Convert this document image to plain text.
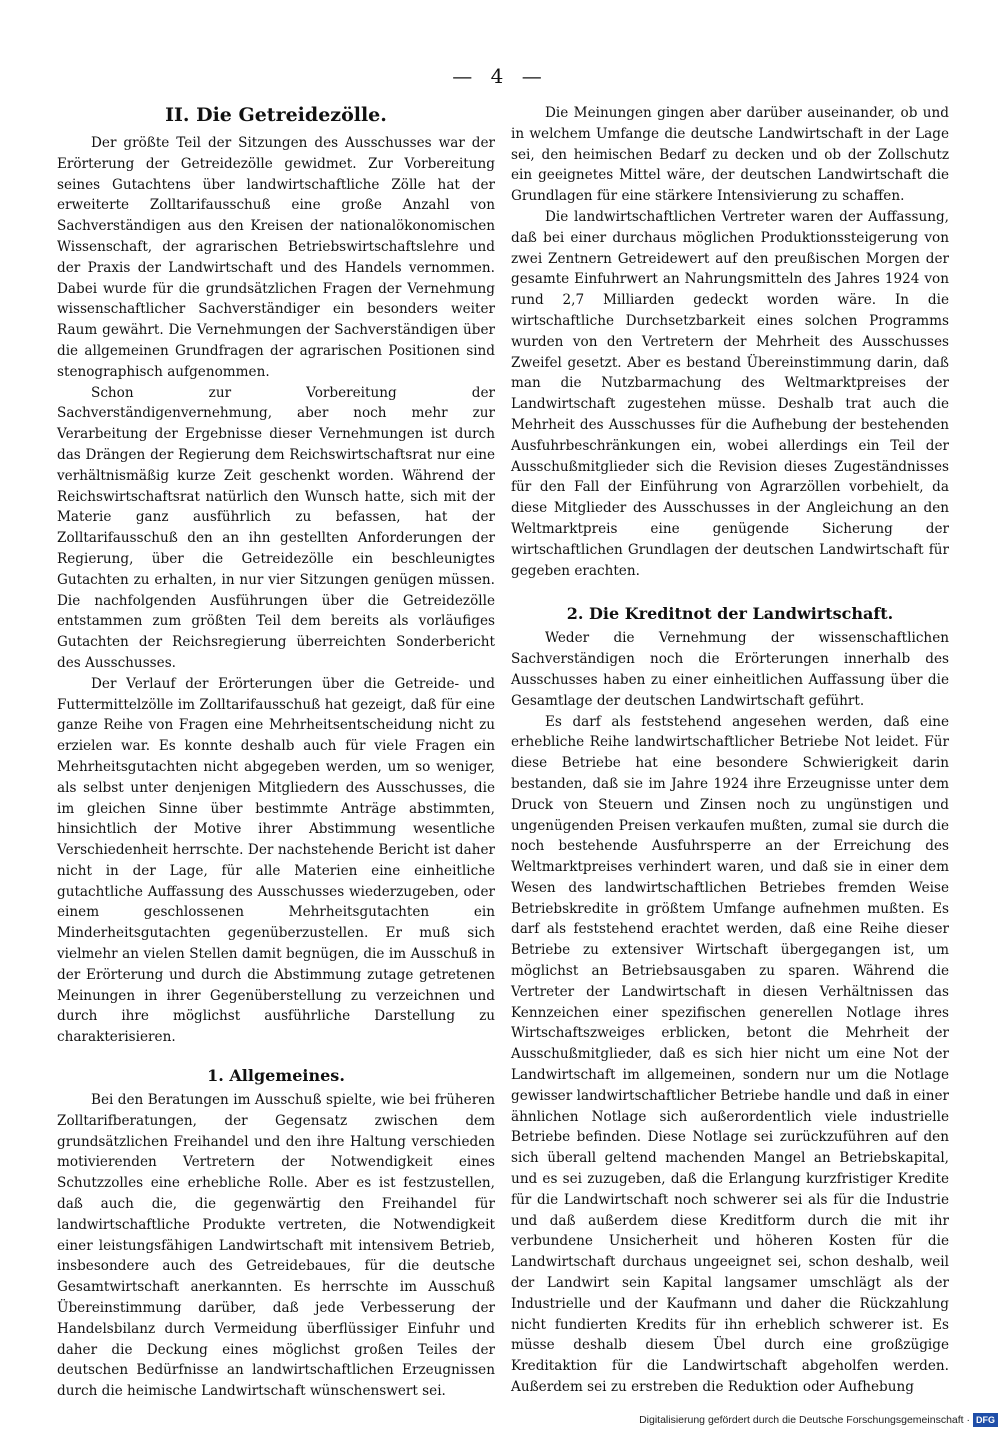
— 4 —
II. Die Getreidezölle.

Der größte Teil der Sitzungen des Ausschusses war der Erörterung der Getreidezölle gewidmet. Zur Vorbereitung seines Gutachtens über landwirtschaftliche Zölle hat der erweiterte Zolltarifausschuß eine große Anzahl von Sachverständigen aus den Kreisen der nationalökonomischen Wissenschaft, der agrarischen Betriebswirtschaftslehre und der Praxis der Landwirtschaft und des Handels vernommen. Dabei wurde für die grundsätzlichen Fragen der Vernehmung wissenschaftlicher Sachverständiger ein besonders weiter Raum gewährt. Die Vernehmungen der Sachverständigen über die allgemeinen Grundfragen der agrarischen Positionen sind stenographisch aufgenommen.

Schon zur Vorbereitung der Sachverständigenvernehmung, aber noch mehr zur Verarbeitung der Ergebnisse dieser Vernehmungen ist durch das Drängen der Regierung dem Reichswirtschaftsrat nur eine verhältnismäßig kurze Zeit geschenkt worden. Während der Reichswirtschaftsrat natürlich den Wunsch hatte, sich mit der Materie ganz ausführlich zu befassen, hat der Zolltarifausschuß den an ihn gestellten Anforderungen der Regierung, über die Getreidezölle ein beschleunigtes Gutachten zu erhalten, in nur vier Sitzungen genügen müssen. Die nachfolgenden Ausführungen über die Getreidezölle entstammen zum größten Teil dem bereits als vorläufiges Gutachten der Reichsregierung überreichten Sonderbericht des Ausschusses.

Der Verlauf der Erörterungen über die Getreide- und Futtermittelzölle im Zolltarifausschuß hat gezeigt, daß für eine ganze Reihe von Fragen eine Mehrheitsentscheidung nicht zu erzielen war. Es konnte deshalb auch für viele Fragen ein Mehrheitsgutachten nicht abgegeben werden, um so weniger, als selbst unter denjenigen Mitgliedern des Ausschusses, die im gleichen Sinne über bestimmte Anträge abstimmten, hinsichtlich der Motive ihrer Abstimmung wesentliche Verschiedenheit herrschte. Der nachstehende Bericht ist daher nicht in der Lage, für alle Materien eine einheitliche gutachtliche Auffassung des Ausschusses wiederzugeben, oder einem geschlossenen Mehrheitsgutachten ein Minderheitsgutachten gegenüberzustellen. Er muß sich vielmehr an vielen Stellen damit begnügen, die im Ausschuß in der Erörterung und durch die Abstimmung zutage getretenen Meinungen in ihrer Gegenüberstellung zu verzeichnen und durch ihre möglichst ausführliche Darstellung zu charakterisieren.

1. Allgemeines.

Bei den Beratungen im Ausschuß spielte, wie bei früheren Zolltarifberatungen, der Gegensatz zwischen dem grundsätzlichen Freihandel und den ihre Haltung verschieden motivierenden Vertretern der Notwendigkeit eines Schutzzolles eine erhebliche Rolle. Aber es ist festzustellen, daß auch die, die gegenwärtig den Freihandel für landwirtschaftliche Produkte vertreten, die Notwendigkeit einer leistungsfähigen Landwirtschaft mit intensivem Betrieb, insbesondere auch des Getreidebaues, für die deutsche Gesamtwirtschaft anerkannten. Es herrschte im Ausschuß Übereinstimmung darüber, daß jede Verbesserung der Handelsbilanz durch Vermeidung überflüssiger Einfuhr und daher die Deckung eines möglichst großen Teiles der deutschen Bedürfnisse an landwirtschaftlichen Erzeugnissen durch die heimische Landwirtschaft wünschenswert sei.

Die Meinungen gingen aber darüber auseinander, ob und in welchem Umfange die deutsche Landwirtschaft in der Lage sei, den heimischen Bedarf zu decken und ob der Zollschutz ein geeignetes Mittel wäre, der deutschen Landwirtschaft die Grundlagen für eine stärkere Intensivierung zu schaffen.

Die landwirtschaftlichen Vertreter waren der Auffassung, daß bei einer durchaus möglichen Produktionssteigerung von zwei Zentnern Getreidewert auf den preußischen Morgen der gesamte Einfuhrwert an Nahrungsmitteln des Jahres 1924 von rund 2,7 Milliarden gedeckt worden wäre. In die wirtschaftliche Durchsetzbarkeit eines solchen Programms wurden von den Vertretern der Mehrheit des Ausschusses Zweifel gesetzt. Aber es bestand Übereinstimmung darin, daß man die Nutzbarmachung des Weltmarktpreises der Landwirtschaft zugestehen müsse. Deshalb trat auch die Mehrheit des Ausschusses für die Aufhebung der bestehenden Ausfuhrbeschränkungen ein, wobei allerdings ein Teil der Ausschußmitglieder sich die Revision dieses Zugeständnisses für den Fall der Einführung von Agrarzöllen vorbehielt, da diese Mitglieder des Ausschusses in der Angleichung an den Weltmarktpreis eine genügende Sicherung der wirtschaftlichen Grundlagen der deutschen Landwirtschaft für gegeben erachten.

2. Die Kreditnot der Landwirtschaft.

Weder die Vernehmung der wissenschaftlichen Sachverständigen noch die Erörterungen innerhalb des Ausschusses haben zu einer einheitlichen Auffassung über die Gesamtlage der deutschen Landwirtschaft geführt.

Es darf als feststehend angesehen werden, daß eine erhebliche Reihe landwirtschaftlicher Betriebe Not leidet. Für diese Betriebe hat eine besondere Schwierigkeit darin bestanden, daß sie im Jahre 1924 ihre Erzeugnisse unter dem Druck von Steuern und Zinsen noch zu ungünstigen und ungenügenden Preisen verkaufen mußten, zumal sie durch die noch bestehende Ausfuhrsperre an der Erreichung des Weltmarktpreises verhindert waren, und daß sie in einer dem Wesen des landwirtschaftlichen Betriebes fremden Weise Betriebskredite in größtem Umfange aufnehmen mußten. Es darf als feststehend erachtet werden, daß eine Reihe dieser Betriebe zu extensiver Wirtschaft übergegangen ist, um möglichst an Betriebsausgaben zu sparen. Während die Vertreter der Landwirtschaft in diesen Verhältnissen das Kennzeichen einer spezifischen generellen Notlage ihres Wirtschaftszweiges erblicken, betont die Mehrheit der Ausschußmitglieder, daß es sich hier nicht um eine Not der Landwirtschaft im allgemeinen, sondern nur um die Notlage gewisser landwirtschaftlicher Betriebe handle und daß in einer ähnlichen Notlage sich außerordentlich viele industrielle Betriebe befinden. Diese Notlage sei zurückzuführen auf den sich überall geltend machenden Mangel an Betriebskapital, und es sei zuzugeben, daß die Erlangung kurzfristiger Kredite für die Landwirtschaft noch schwerer sei als für die Industrie und daß außerdem diese Kreditform durch die mit ihr verbundene Unsicherheit und höheren Kosten für die Landwirtschaft durchaus ungeeignet sei, schon deshalb, weil der Landwirt sein Kapital langsamer umschlägt als der Industrielle und der Kaufmann und daher die Rückzahlung nicht fundierten Kredits für ihn erheblich schwerer ist. Es müsse deshalb diesem Übel durch eine großzügige Kreditaktion für die Landwirtschaft abgeholfen werden. Außerdem sei zu erstreben die Reduktion oder Aufhebung

Digitalisierung gefördert durch die Deutsche Forschungsgemeinschaft · DFG
